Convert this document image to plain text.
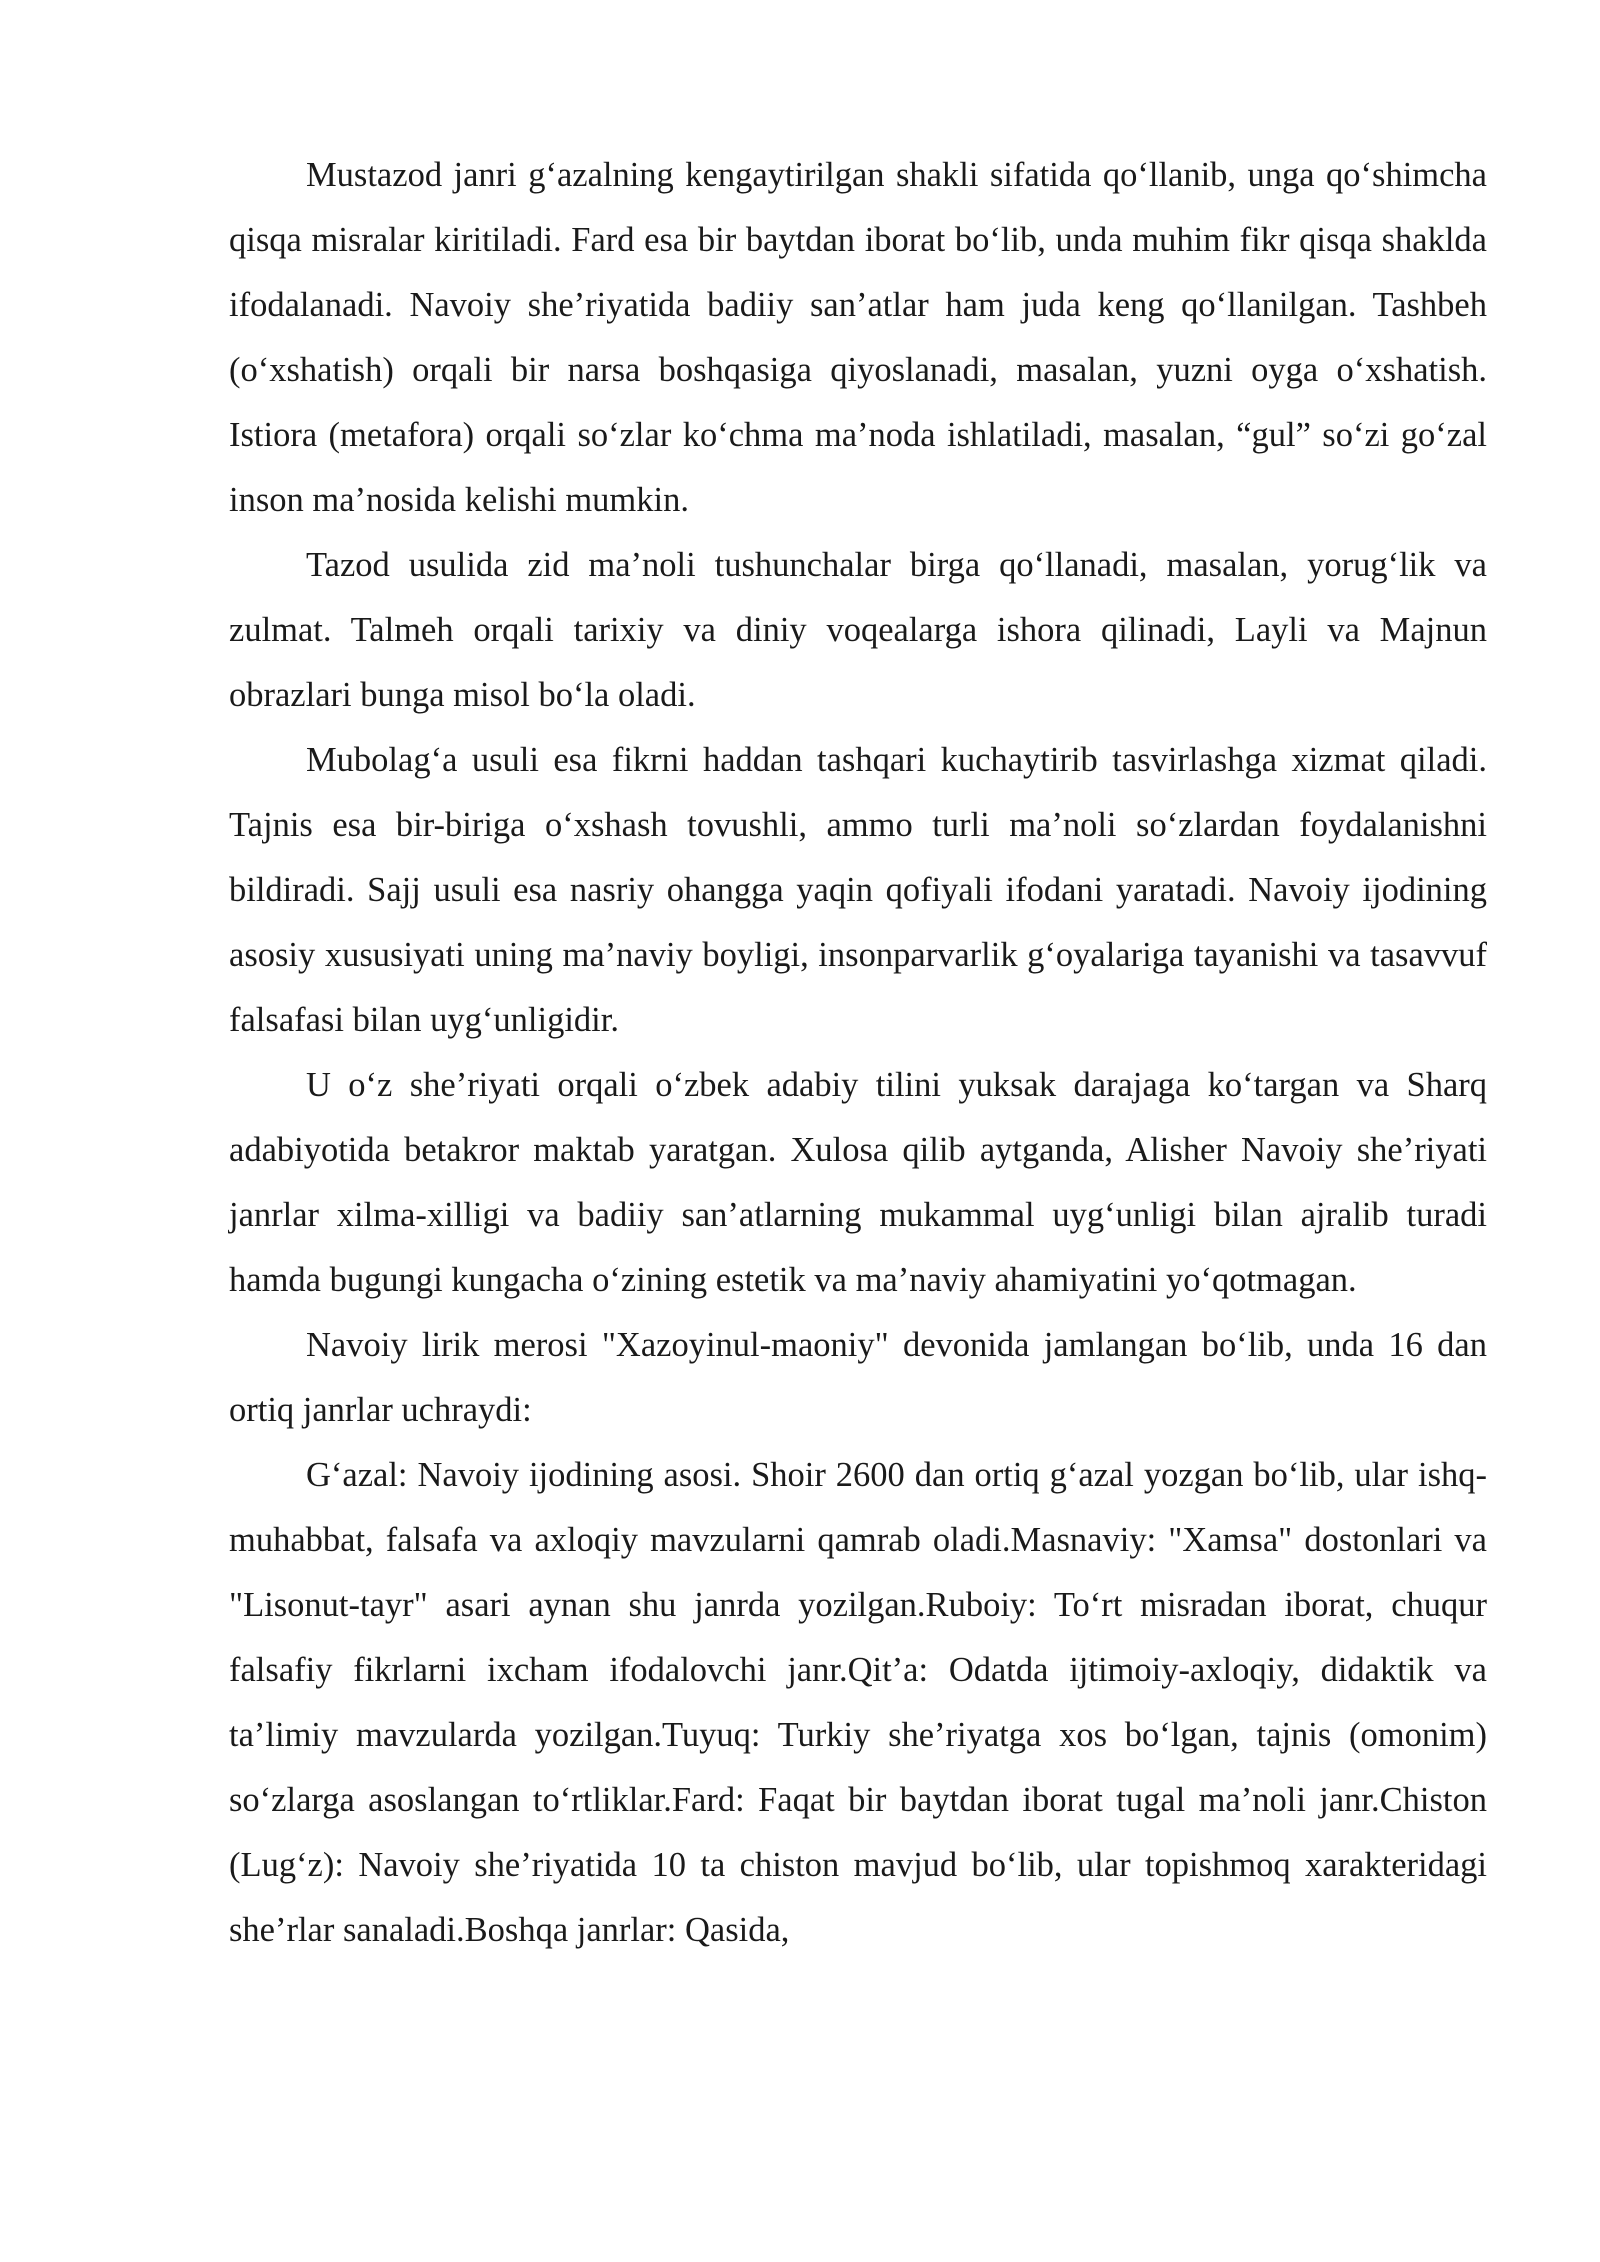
Mustazod janri g‘azalning kengaytirilgan shakli sifatida qo‘llanib, unga qo‘shimcha qisqa misralar kiritiladi. Fard esa bir baytdan iborat bo‘lib, unda muhim fikr qisqa shaklda ifodalanadi. Navoiy she’riyatida badiiy san’atlar ham juda keng qo‘llanilgan. Tashbeh (o‘xshatish) orqali bir narsa boshqasiga qiyoslanadi, masalan, yuzni oyga o‘xshatish. Istiora (metafora) orqali so‘zlar ko‘chma ma’noda ishlatiladi, masalan, “gul” so‘zi go‘zal inson ma’nosida kelishi mumkin.

Tazod usulida zid ma’noli tushunchalar birga qo‘llanadi, masalan, yorug‘lik va zulmat. Talmeh orqali tarixiy va diniy voqealarga ishora qilinadi, Layli va Majnun obrazlari bunga misol bo‘la oladi.

Mubolag‘a usuli esa fikrni haddan tashqari kuchaytirib tasvirlashga xizmat qiladi. Tajnis esa bir-biriga o‘xshash tovushli, ammo turli ma’noli so‘zlardan foydalanishni bildiradi. Sajj usuli esa nasriy ohangga yaqin qofiyali ifodani yaratadi. Navoiy ijodining asosiy xususiyati uning ma’naviy boyligi, insonparvarlik g‘oyalariga tayanishi va tasavvuf falsafasi bilan uyg‘unligidir.

U o‘z she’riyati orqali o‘zbek adabiy tilini yuksak darajaga ko‘targan va Sharq adabiyotida betakror maktab yaratgan. Xulosa qilib aytganda, Alisher Navoiy she’riyati janrlar xilma-xilligi va badiiy san’atlarning mukammal uyg‘unligi bilan ajralib turadi hamda bugungi kungacha o‘zining estetik va ma’naviy ahamiyatini yo‘qotmagan.

Navoiy lirik merosi "Xazoyinul-maoniy" devonida jamlangan bo‘lib, unda 16 dan ortiq janrlar uchraydi:

G‘azal: Navoiy ijodining asosi. Shoir 2600 dan ortiq g‘azal yozgan bo‘lib, ular ishq-muhabbat, falsafa va axloqiy mavzularni qamrab oladi.Masnaviy: "Xamsa" dostonlari va "Lisonut-tayr" asari aynan shu janrda yozilgan.Ruboiy: To‘rt misradan iborat, chuqur falsafiy fikrlarni ixcham ifodalovchi janr.Qit’a: Odatda ijtimoiy-axloqiy, didaktik va ta’limiy mavzularda yozilgan.Tuyuq: Turkiy she’riyatga xos bo‘lgan, tajnis (omonim) so‘zlarga asoslangan to‘rtliklar.Fard: Faqat bir baytdan iborat tugal ma’noli janr.Chiston (Lug‘z): Navoiy she’riyatida 10 ta chiston mavjud bo‘lib, ular topishmoq xarakteridagi she’rlar sanaladi.Boshqa janrlar: Qasida,
